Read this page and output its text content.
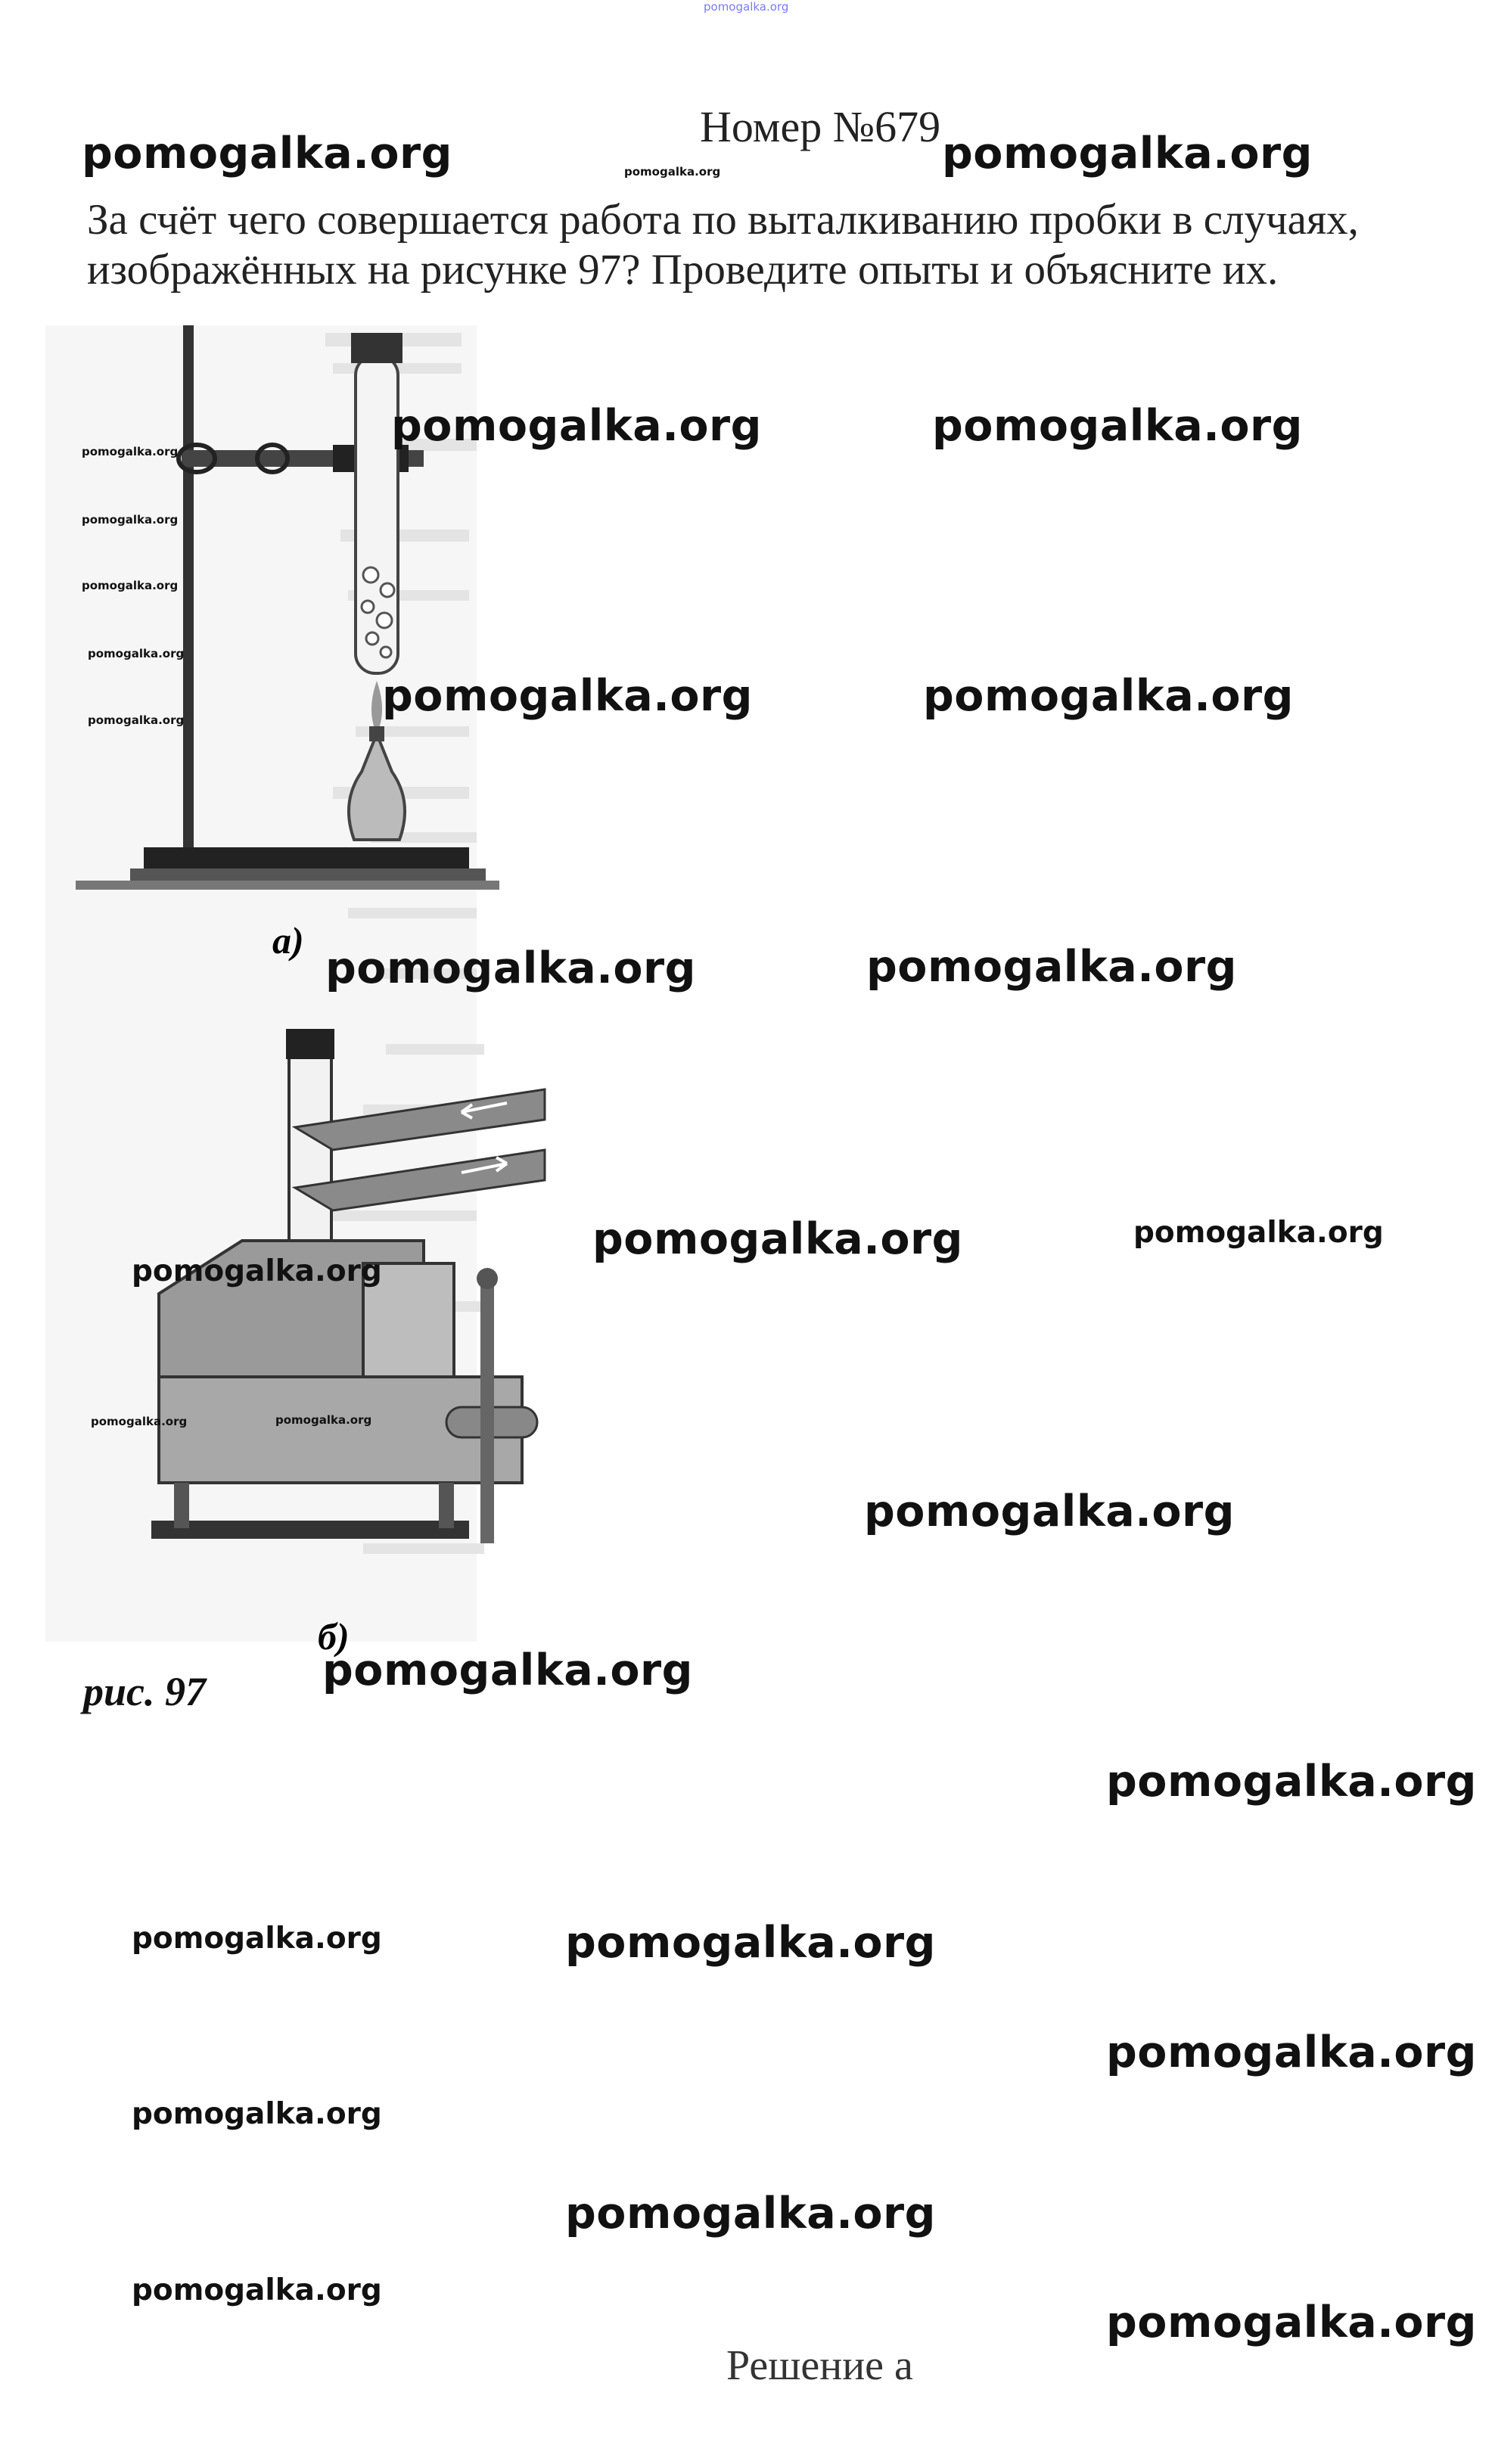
pomogalka.org
Номер №679
pomogalka.org	pomogalka.org	pomogalka.org
За счёт чего совершается работа по выталкиванию пробки в случаях, изображённых на рисунке 97? Проведите опыты и объясните их.
а)
б)
pomogalka.org
pomogalka.org	pomogalka.org
pomogalka.org
pomogalka.org
pomogalka.org
pomogalka.org	pomogalka.org
pomogalka.org
pomogalka.org	pomogalka.org
pomogalka.org	pomogalka.org
pomogalka.org
pomogalka.org	pomogalka.org
pomogalka.org
pomogalka.org
рис. 97
pomogalka.org
pomogalka.org	pomogalka.org
pomogalka.org
pomogalka.org
pomogalka.org
pomogalka.org
pomogalka.org
Решение а
